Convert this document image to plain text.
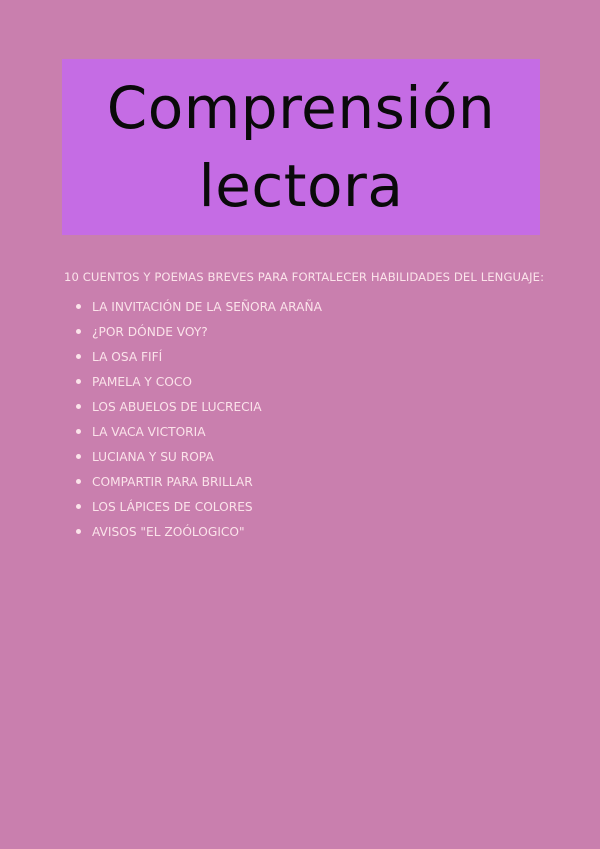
Comprensión
lectora
10 CUENTOS Y POEMAS BREVES PARA FORTALECER HABILIDADES DEL LENGUAJE:
LA INVITACIÓN DE LA SEÑORA ARAÑA
¿POR DÓNDE VOY?
LA OSA FIFÍ
PAMELA Y COCO
LOS ABUELOS DE LUCRECIA
LA VACA VICTORIA
LUCIANA Y SU ROPA
COMPARTIR PARA BRILLAR
LOS LÁPICES DE COLORES
AVISOS "EL ZOÓLOGICO"
